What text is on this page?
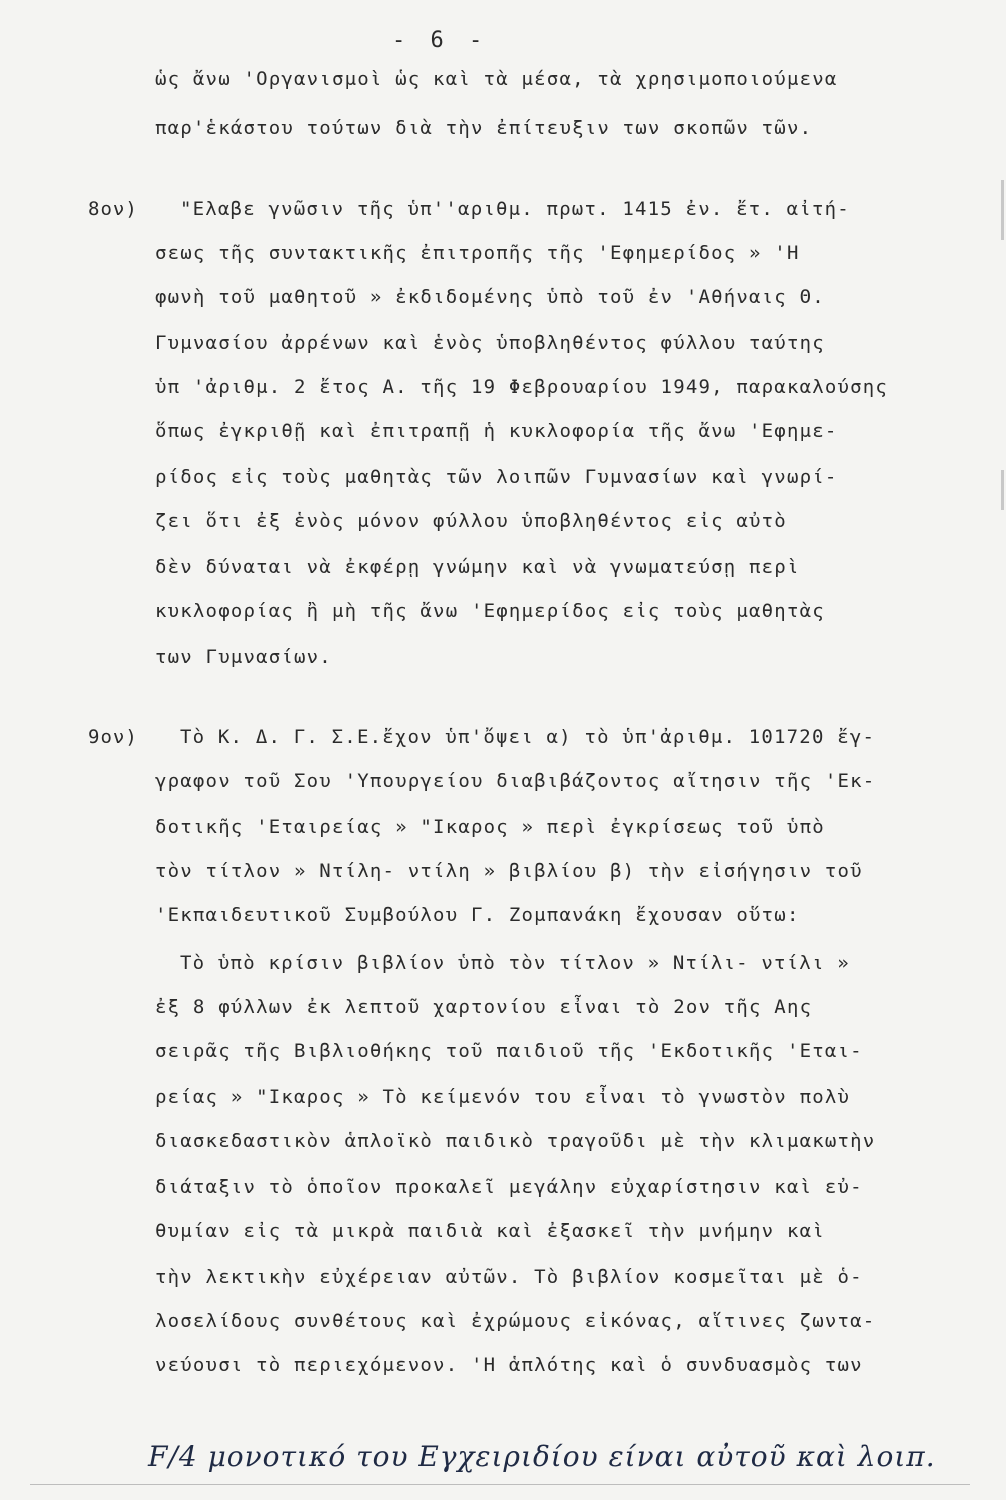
- 6 -
ὡς ἄνω 'Οργανισμοὶ ὡς καὶ τὰ μέσα, τὰ χρησιμοποιούμενα
παρ'ἑκάστου τούτων διὰ τὴν ἐπίτευξιν των σκοπῶν τῶν.
8ον) "Ελαβε γνῶσιν τῆς ὑπ''αριθμ. πρωτ. 1415 ἐν. ἔτ. αἰτή-
σεως τῆς συντακτικῆς ἐπιτροπῆς τῆς 'Εφημερίδος » 'Η
φωνὴ τοῦ μαθητοῦ » ἐκδιδομένης ὑπὸ τοῦ ἐν 'Αθήναις Θ.
Γυμνασίου ἀρρένων καὶ ἑνὸς ὑποβληθέντος φύλλου ταύτης
ὑπ 'ἀριθμ. 2 ἔτος Α. τῆς 19 Φεβρουαρίου 1949, παρακαλούσης
ὅπως ἐγκριθῇ καὶ ἐπιτραπῇ ἡ κυκλοφορία τῆς ἄνω 'Εφημε-
ρίδος εἰς τοὺς μαθητὰς τῶν λοιπῶν Γυμνασίων καὶ γνωρί-
ζει ὅτι ἐξ ἑνὸς μόνον φύλλου ὑποβληθέντος εἰς αὐτὸ
δὲν δύναται νὰ ἐκφέρῃ γνώμην καὶ νὰ γνωματεύσῃ περὶ
κυκλοφορίας ἢ μὴ τῆς ἄνω 'Εφημερίδος εἰς τοὺς μαθητὰς
των Γυμνασίων.
9ον) Τὸ Κ. Δ. Γ. Σ.Ε.ἔχον ὑπ'ὄψει α) τὸ ὑπ'ἀριθμ. 101720 ἔγ-
γραφον τοῦ Σου 'Υπουργείου διαβιβάζοντος αἴτησιν τῆς 'Εκ-
δοτικῆς 'Εταιρείας » "Ικαρος » περὶ ἐγκρίσεως τοῦ ὑπὸ
τὸν τίτλον » Ντίλη- ντίλη » βιβλίου β) τὴν εἰσήγησιν τοῦ
'Εκπαιδευτικοῦ Συμβούλου Γ. Ζομπανάκη ἔχουσαν οὕτω:
Τὸ ὑπὸ κρίσιν βιβλίον ὑπὸ τὸν τίτλον » Ντίλι- ντίλι »
ἐξ 8 φύλλων ἐκ λεπτοῦ χαρτονίου εἶναι τὸ 2ον τῆς Αης
σειρᾶς τῆς Βιβλιοθήκης τοῦ παιδιοῦ τῆς 'Εκδοτικῆς 'Εται-
ρείας » "Ικαρος » Τὸ κείμενόν του εἶναι τὸ γνωστὸν πολὺ
διασκεδαστικὸν ἁπλοϊκὸ παιδικὸ τραγοῦδι μὲ τὴν κλιμακωτὴν
διάταξιν τὸ ὁποῖον προκαλεῖ μεγάλην εὐχαρίστησιν καὶ εὐ-
θυμίαν εἰς τὰ μικρὰ παιδιὰ καὶ ἐξασκεῖ τὴν μνήμην καὶ
τὴν λεκτικὴν εὐχέρειαν αὐτῶν. Τὸ βιβλίον κοσμεῖται μὲ ὁ-
λοσελίδους συνθέτους καὶ ἐχρώμους εἰκόνας, αἵτινες ζωντα-
νεύουσι τὸ περιεχόμενον. 'Η ἁπλότης καὶ ὁ συνδυασμὸς των
F/4 μονοτικό του Εγχειριδίου είναι αὐτοῦ καὶ λοιπ.
